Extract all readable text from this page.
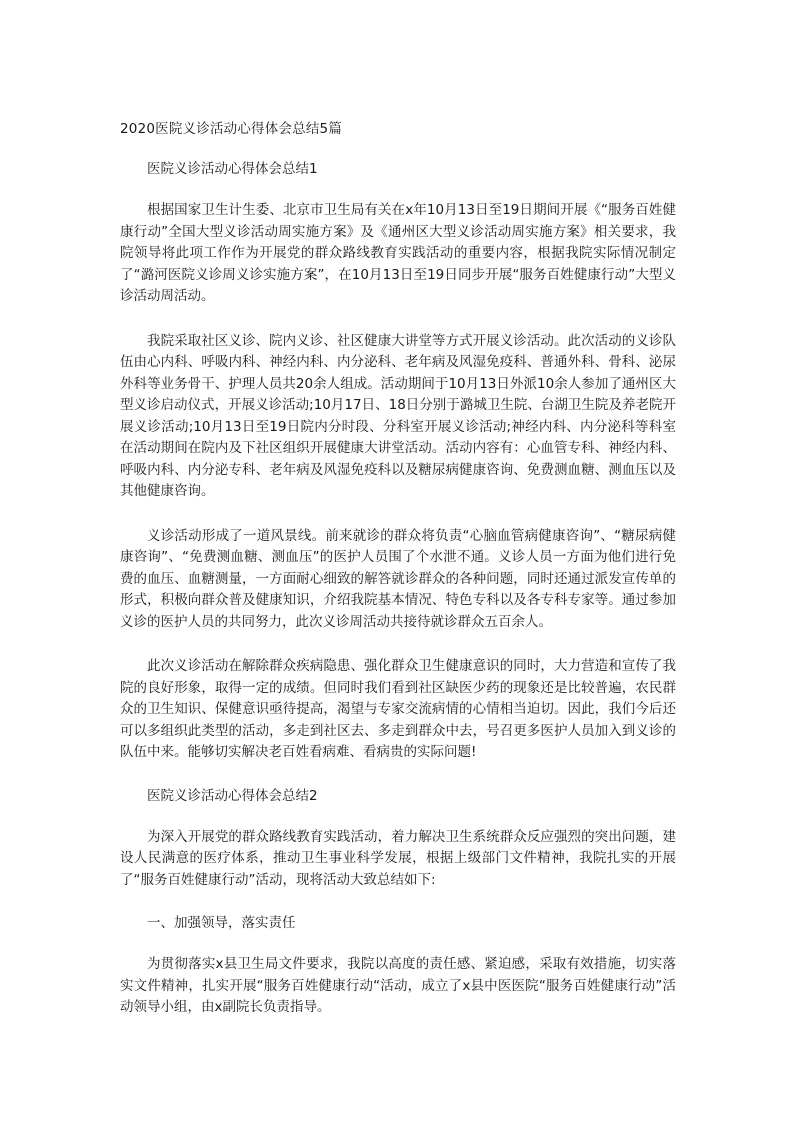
2020医院义诊活动心得体会总结5篇

医院义诊活动心得体会总结1

根据国家卫生计生委、北京市卫生局有关在x年10月13日至19日期间开展《“服务百姓健康行动”全国大型义诊活动周实施方案》及《通州区大型义诊活动周实施方案》相关要求，我院领导将此项工作作为开展党的群众路线教育实践活动的重要内容，根据我院实际情况制定了“潞河医院义诊周义诊实施方案”，在10月13日至19日同步开展“服务百姓健康行动”大型义诊活动周活动。

我院采取社区义诊、院内义诊、社区健康大讲堂等方式开展义诊活动。此次活动的义诊队伍由心内科、呼吸内科、神经内科、内分泌科、老年病及风湿免疫科、普通外科、骨科、泌尿外科等业务骨干、护理人员共20余人组成。活动期间于10月13日外派10余人参加了通州区大型义诊启动仪式，开展义诊活动;10月17日、18日分别于潞城卫生院、台湖卫生院及养老院开展义诊活动;10月13日至19日院内分时段、分科室开展义诊活动;神经内科、内分泌科等科室在活动期间在院内及下社区组织开展健康大讲堂活动。活动内容有：心血管专科、神经内科、呼吸内科、内分泌专科、老年病及风湿免疫科以及糖尿病健康咨询、免费测血糖、测血压以及其他健康咨询。

义诊活动形成了一道风景线。前来就诊的群众将负责“心脑血管病健康咨询”、“糖尿病健康咨询”、“免费测血糖、测血压”的医护人员围了个水泄不通。义诊人员一方面为他们进行免费的血压、血糖测量，一方面耐心细致的解答就诊群众的各种问题，同时还通过派发宣传单的形式，积极向群众普及健康知识，介绍我院基本情况、特色专科以及各专科专家等。通过参加义诊的医护人员的共同努力，此次义诊周活动共接待就诊群众五百余人。

此次义诊活动在解除群众疾病隐患、强化群众卫生健康意识的同时，大力营造和宣传了我院的良好形象，取得一定的成绩。但同时我们看到社区缺医少药的现象还是比较普遍，农民群众的卫生知识、保健意识亟待提高，渴望与专家交流病情的心情相当迫切。因此，我们今后还可以多组织此类型的活动，多走到社区去、多走到群众中去，号召更多医护人员加入到义诊的队伍中来。能够切实解决老百姓看病难、看病贵的实际问题!

医院义诊活动心得体会总结2

为深入开展党的群众路线教育实践活动，着力解决卫生系统群众反应强烈的突出问题，建设人民满意的医疗体系，推动卫生事业科学发展，根据上级部门文件精神，我院扎实的开展了“服务百姓健康行动”活动，现将活动大致总结如下:

一、加强领导，落实责任

为贯彻落实x县卫生局文件要求，我院以高度的责任感、紧迫感，采取有效措施，切实落实文件精神，扎实开展“服务百姓健康行动“活动，成立了x县中医医院“服务百姓健康行动”活动领导小组，由x副院长负责指导。
